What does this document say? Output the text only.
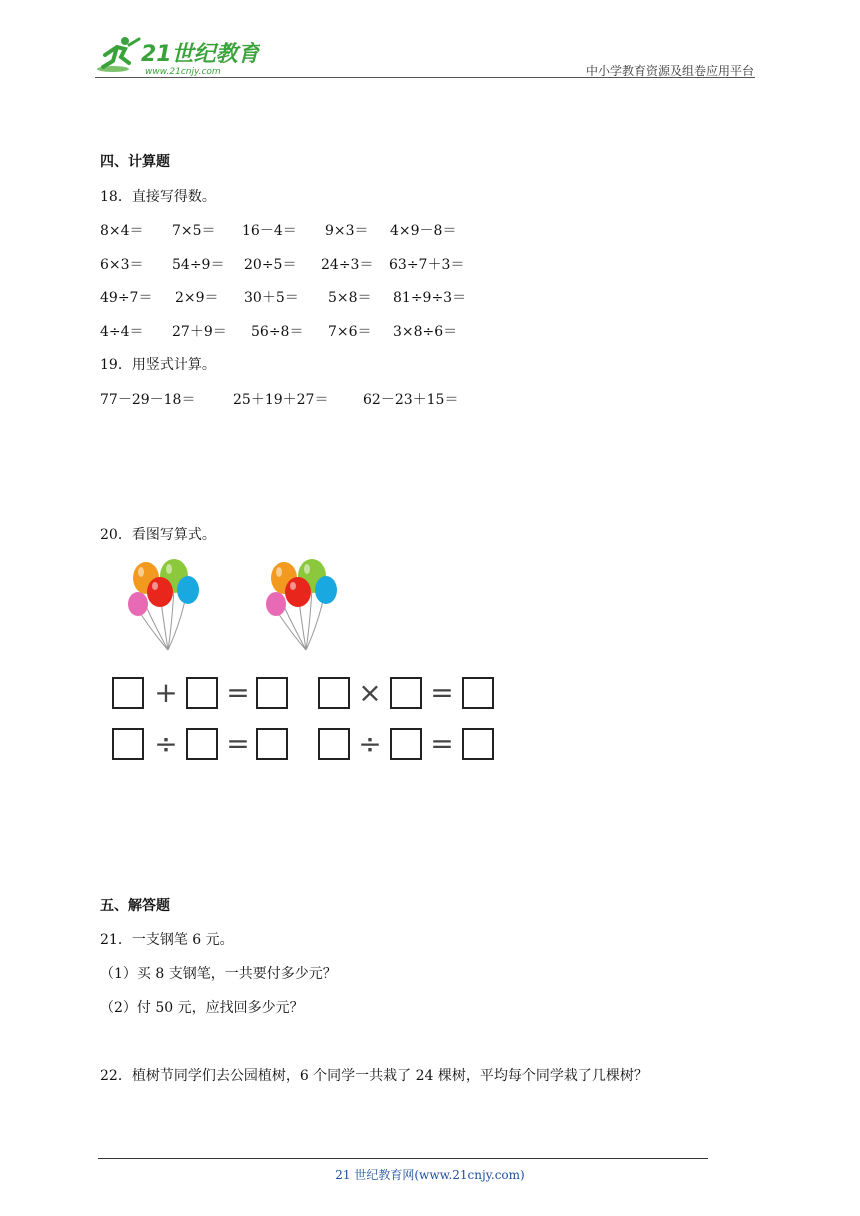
21世纪教育
www.21cnjy.com	中小学教育资源及组卷应用平台
四、计算题
18．直接写得数。
8×4＝ 7×5＝ 16－4＝ 9×3＝ 4×9－8＝
6×3＝ 54÷9＝ 20÷5＝ 24÷3＝ 63÷7＋3＝
49÷7＝ 2×9＝ 30＋5＝ 5×8＝ 81÷9÷3＝
4÷4＝ 27＋9＝ 56÷8＝ 7×6＝ 3×8÷6＝
19．用竖式计算。
77－29－18＝	25＋19＋27＝ 62－23＋15＝
20．看图写算式。
+ =	× =
÷ =	÷ =
五、解答题
21．一支钢笔 6 元。
（1）买 8 支钢笔，一共要付多少元？
（2）付 50 元，应找回多少元？
22．植树节同学们去公园植树，6 个同学一共栽了 24 棵树，平均每个同学栽了几棵树？
21 世纪教育网(www.21cnjy.com)
